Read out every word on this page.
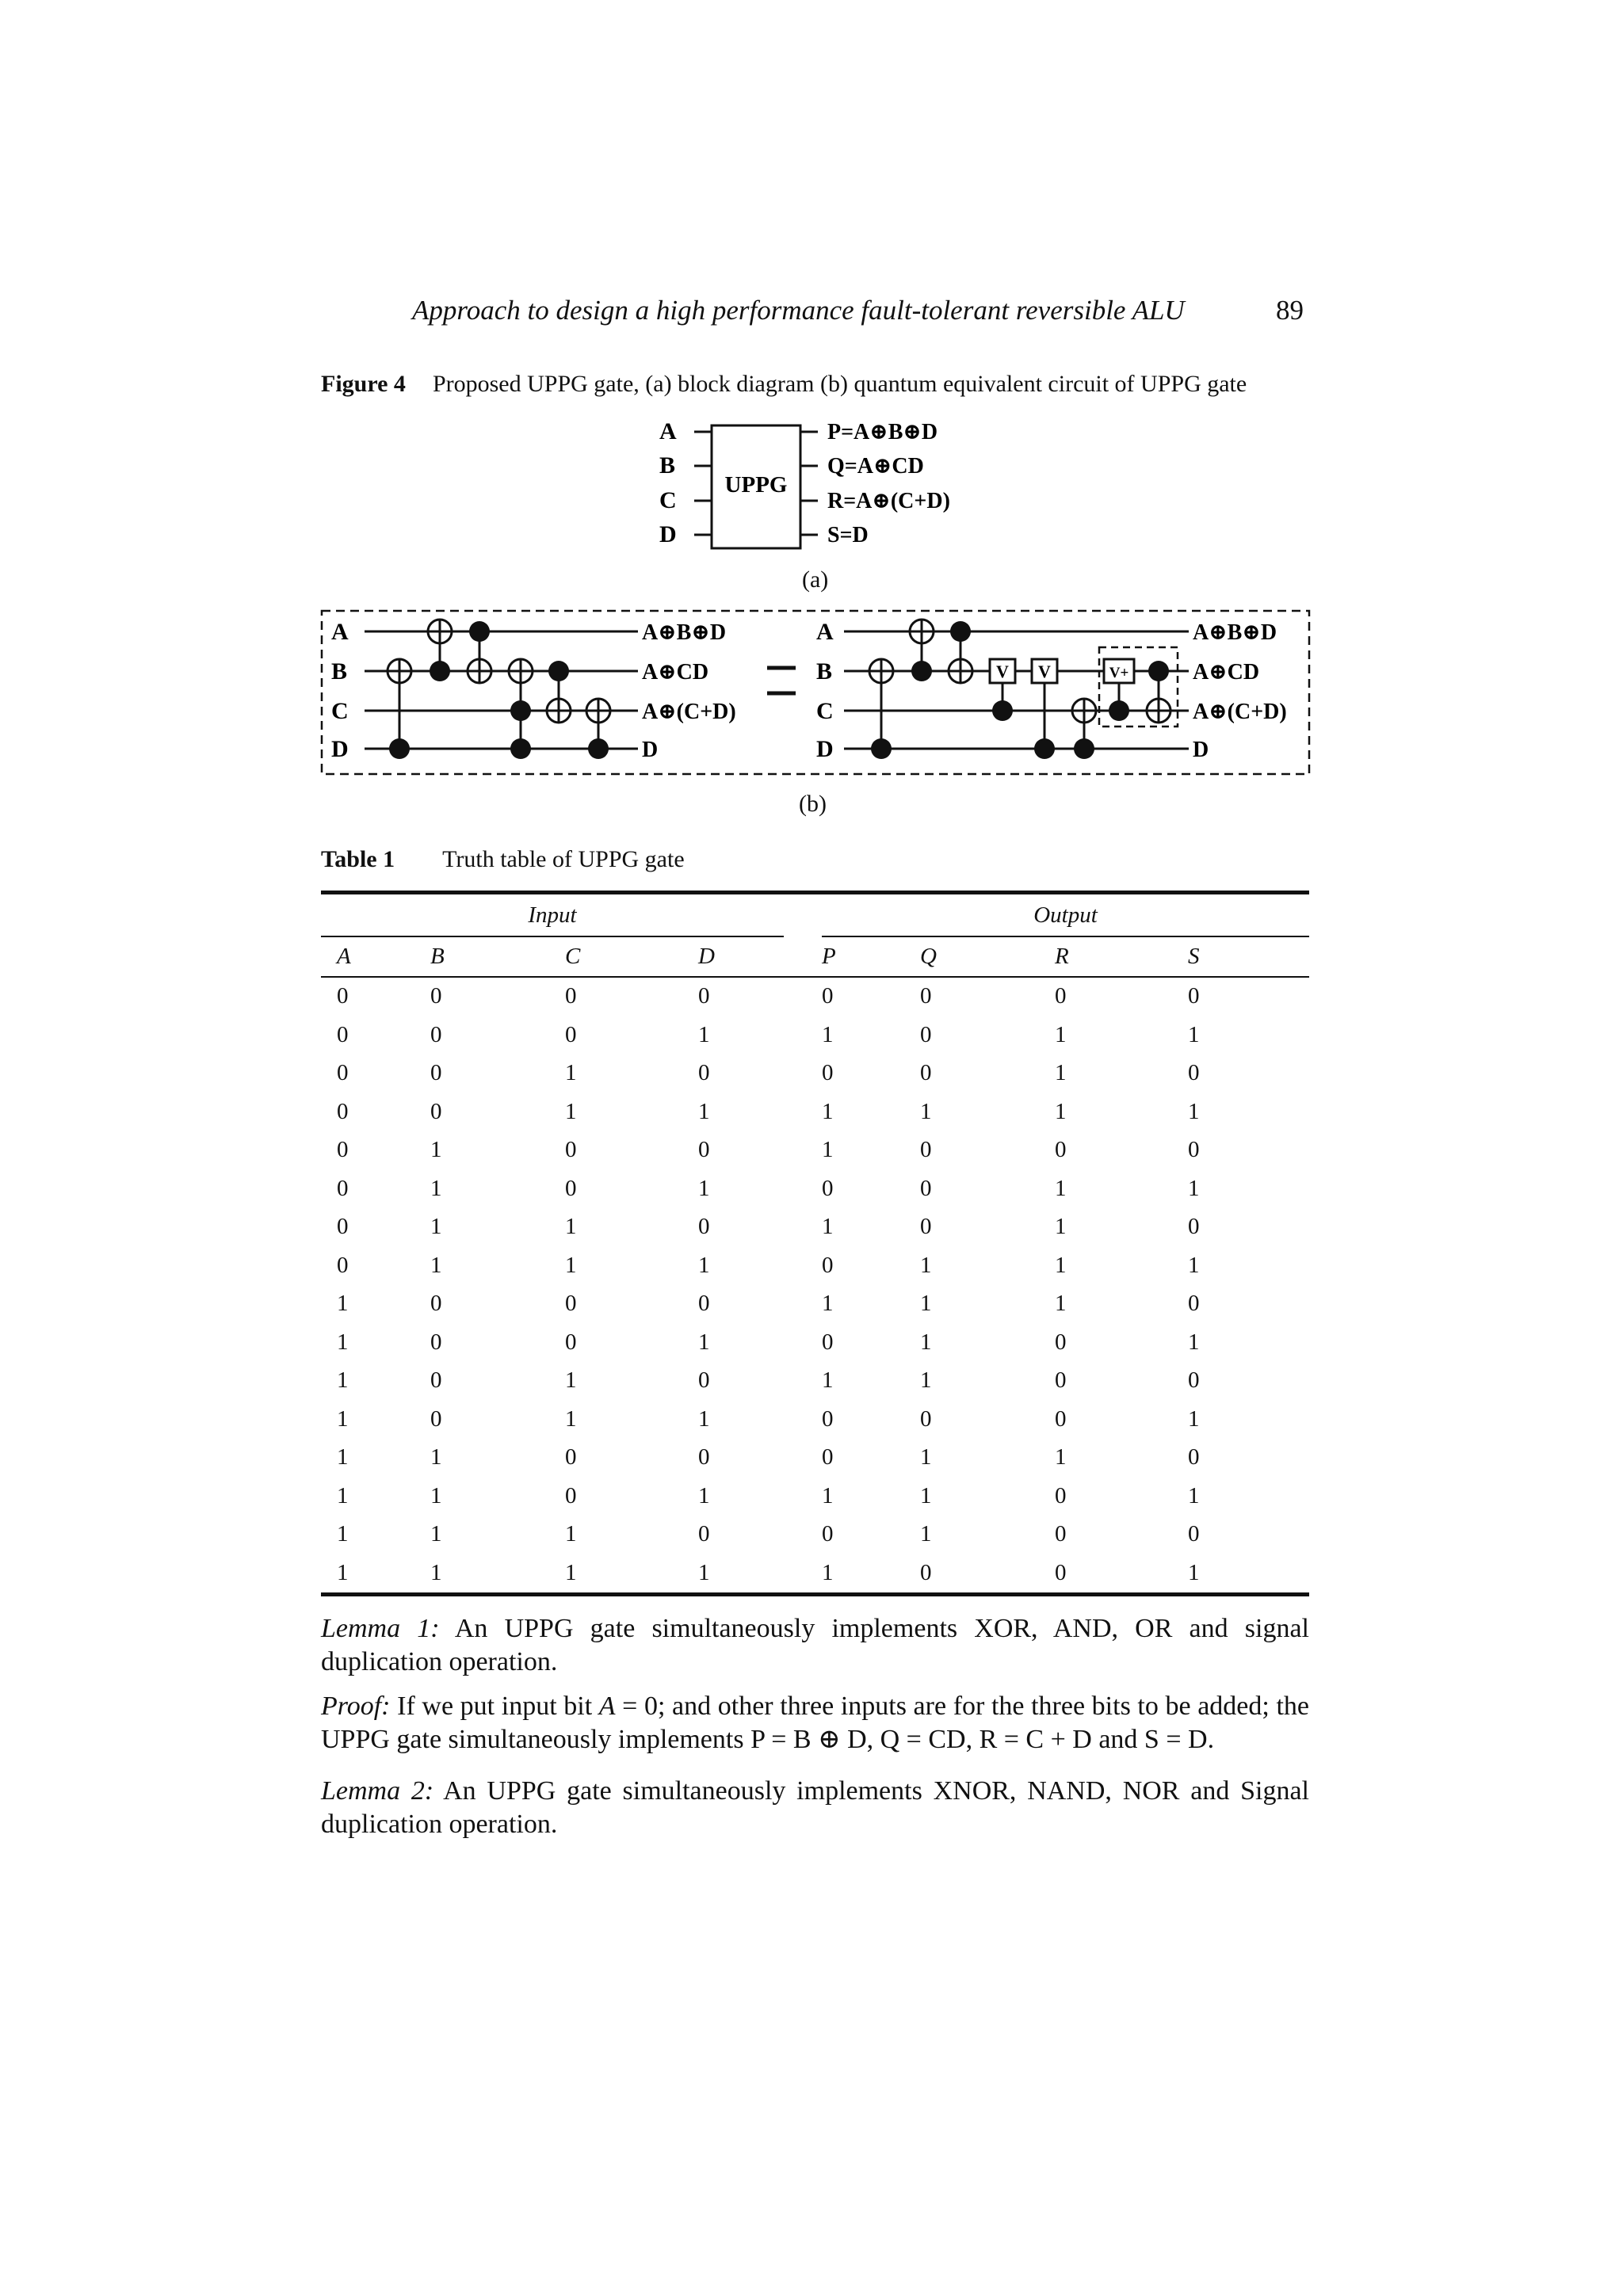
Approach to design a high performance fault-tolerant reversible ALU	89
Figure 4 Proposed UPPG gate, (a) block diagram (b) quantum equivalent circuit of UPPG gate
UPPG
A
B
C
D
P=A⊕B⊕D
Q=A⊕CD
R=A⊕(C+D)
S=D
(a)
A
B
C
D
A⊕B⊕D
A⊕CD
A⊕(C+D)
D
V V	V+
A
B
C
D
A⊕B⊕D
A⊕CD
A⊕(C+D)
D
(b)
Table 1 Truth table of UPPG gate
Input					Output			
A	B	C	D		P	Q	R	S
0	0	0	0		0	0	0	0
0	0	0	1		1	0	1	1
0	0	1	0		0	0	1	0
0	0	1	1		1	1	1	1
0	1	0	0		1	0	0	0
0	1	0	1		0	0	1	1
0	1	1	0		1	0	1	0
0	1	1	1		0	1	1	1
1	0	0	0		1	1	1	0
1	0	0	1		0	1	0	1
1	0	1	0		1	1	0	0
1	0	1	1		0	0	0	1
1	1	0	0		0	1	1	0
1	1	0	1		1	1	0	1
1	1	1	0		0	1	0	0
1	1	1	1		1	0	0	1
Lemma 1: An UPPG gate simultaneously implements XOR, AND, OR and signal duplication operation.
Proof: If we put input bit A = 0; and other three inputs are for the three bits to be added; the UPPG gate simultaneously implements P = B ⊕ D, Q = CD, R = C + D and S = D.
Lemma 2: An UPPG gate simultaneously implements XNOR, NAND, NOR and Signal duplication operation.
